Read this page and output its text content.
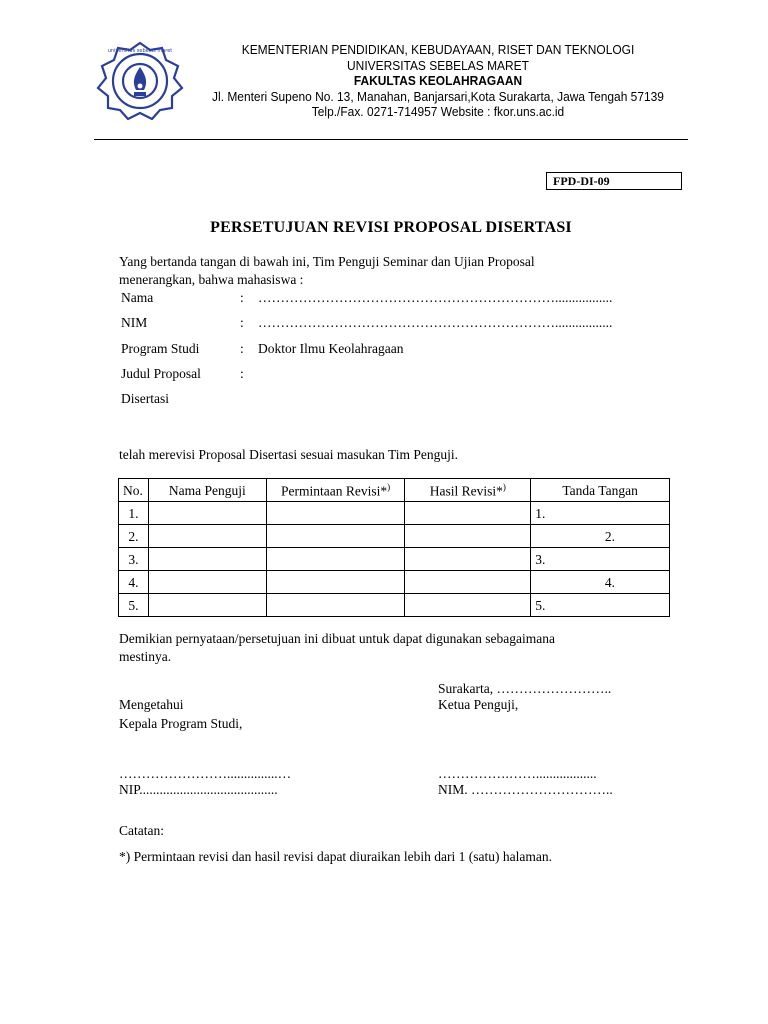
universitas sebelas maret	KEMENTERIAN PENDIDIKAN, KEBUDAYAAN, RISET DAN TEKNOLOGI
UNIVERSITAS SEBELAS MARET
FAKULTAS KEOLAHRAGAAN
Jl. Menteri Supeno No. 13, Manahan, Banjarsari,Kota Surakarta, Jawa Tengah 57139
Telp./Fax. 0271-714957 Website : fkor.uns.ac.id
FPD-DI-09
PERSETUJUAN REVISI PROPOSAL DISERTASI
Yang bertanda tangan di bawah ini, Tim Penguji Seminar dan Ujian Proposal
menerangkan, bahwa mahasiswa :
Nama	: ………………………………………………………….................
NIM	: ………………………………………………………….................
Program Studi	: Doktor Ilmu Keolahragaan
Judul Proposal	:
Disertasi
telah merevisi Proposal Disertasi sesuai masukan Tim Penguji.
No.	Nama Penguji	Permintaan Revisi*)	Hasil Revisi*)	Tanda Tangan
1.				1.
2.				2.
3.				3.
4.				4.
5.				5.
Demikian pernyataan/persetujuan ini dibuat untuk dapat digunakan sebagaimana
mestinya.
Surakarta, ……………………..
Mengetahui
Kepala Program Studi,
Ketua Penguji,
……………………...............…
NIP.........................................
…………….……..................
NIM. …………………………..
Catatan:
*) Permintaan revisi dan hasil revisi dapat diuraikan lebih dari 1 (satu) halaman.
